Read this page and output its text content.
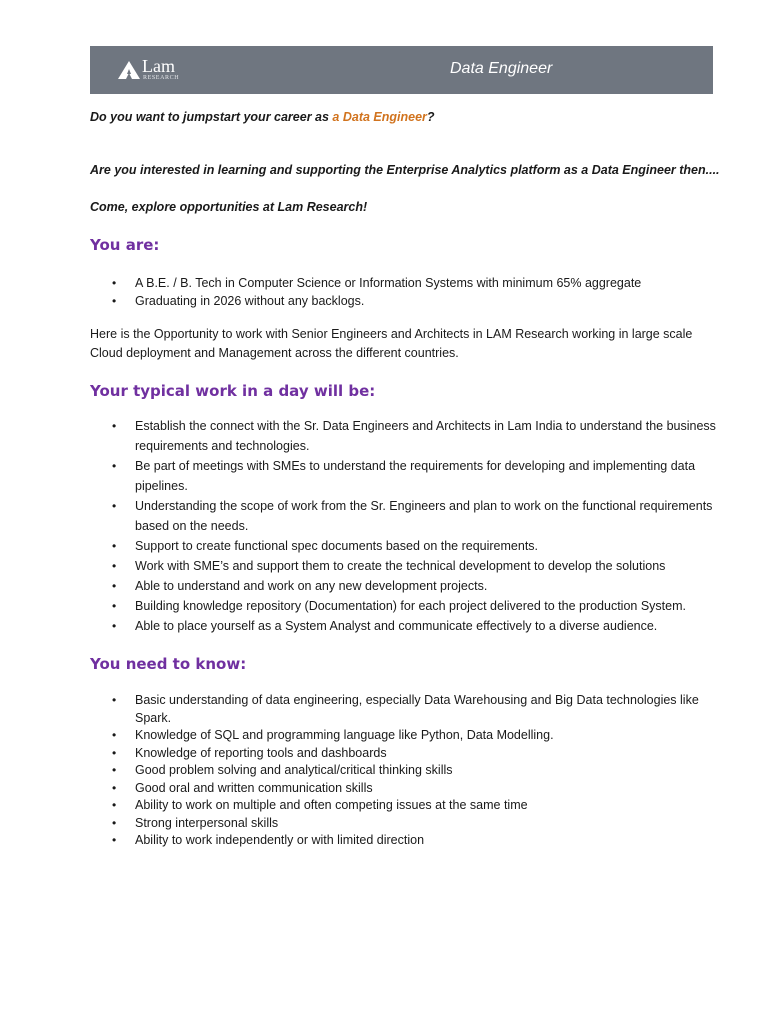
Lam
RESEARCH
Data Engineer

Do you want to jumpstart your career as a Data Engineer?

Are you interested in learning and supporting the Enterprise Analytics platform as a Data Engineer then....

Come, explore opportunities at Lam Research!

You are:
• A B.E. / B. Tech in Computer Science or Information Systems with minimum 65% aggregate
• Graduating in 2026 without any backlogs.

Here is the Opportunity to work with Senior Engineers and Architects in LAM Research working in large scale Cloud deployment and Management across the different countries.

Your typical work in a day will be:
• Establish the connect with the Sr. Data Engineers and Architects in Lam India to understand the business requirements and technologies.
• Be part of meetings with SMEs to understand the requirements for developing and implementing data pipelines.
• Understanding the scope of work from the Sr. Engineers and plan to work on the functional requirements based on the needs.
• Support to create functional spec documents based on the requirements.
• Work with SME’s and support them to create the technical development to develop the solutions
• Able to understand and work on any new development projects.
• Building knowledge repository (Documentation) for each project delivered to the production System.
• Able to place yourself as a System Analyst and communicate effectively to a diverse audience.
You need to know:
• Basic understanding of data engineering, especially Data Warehousing and Big Data technologies like Spark.
• Knowledge of SQL and programming language like Python, Data Modelling.
• Knowledge of reporting tools and dashboards
• Good problem solving and analytical/critical thinking skills
• Good oral and written communication skills
• Ability to work on multiple and often competing issues at the same time
• Strong interpersonal skills
• Ability to work independently or with limited direction
